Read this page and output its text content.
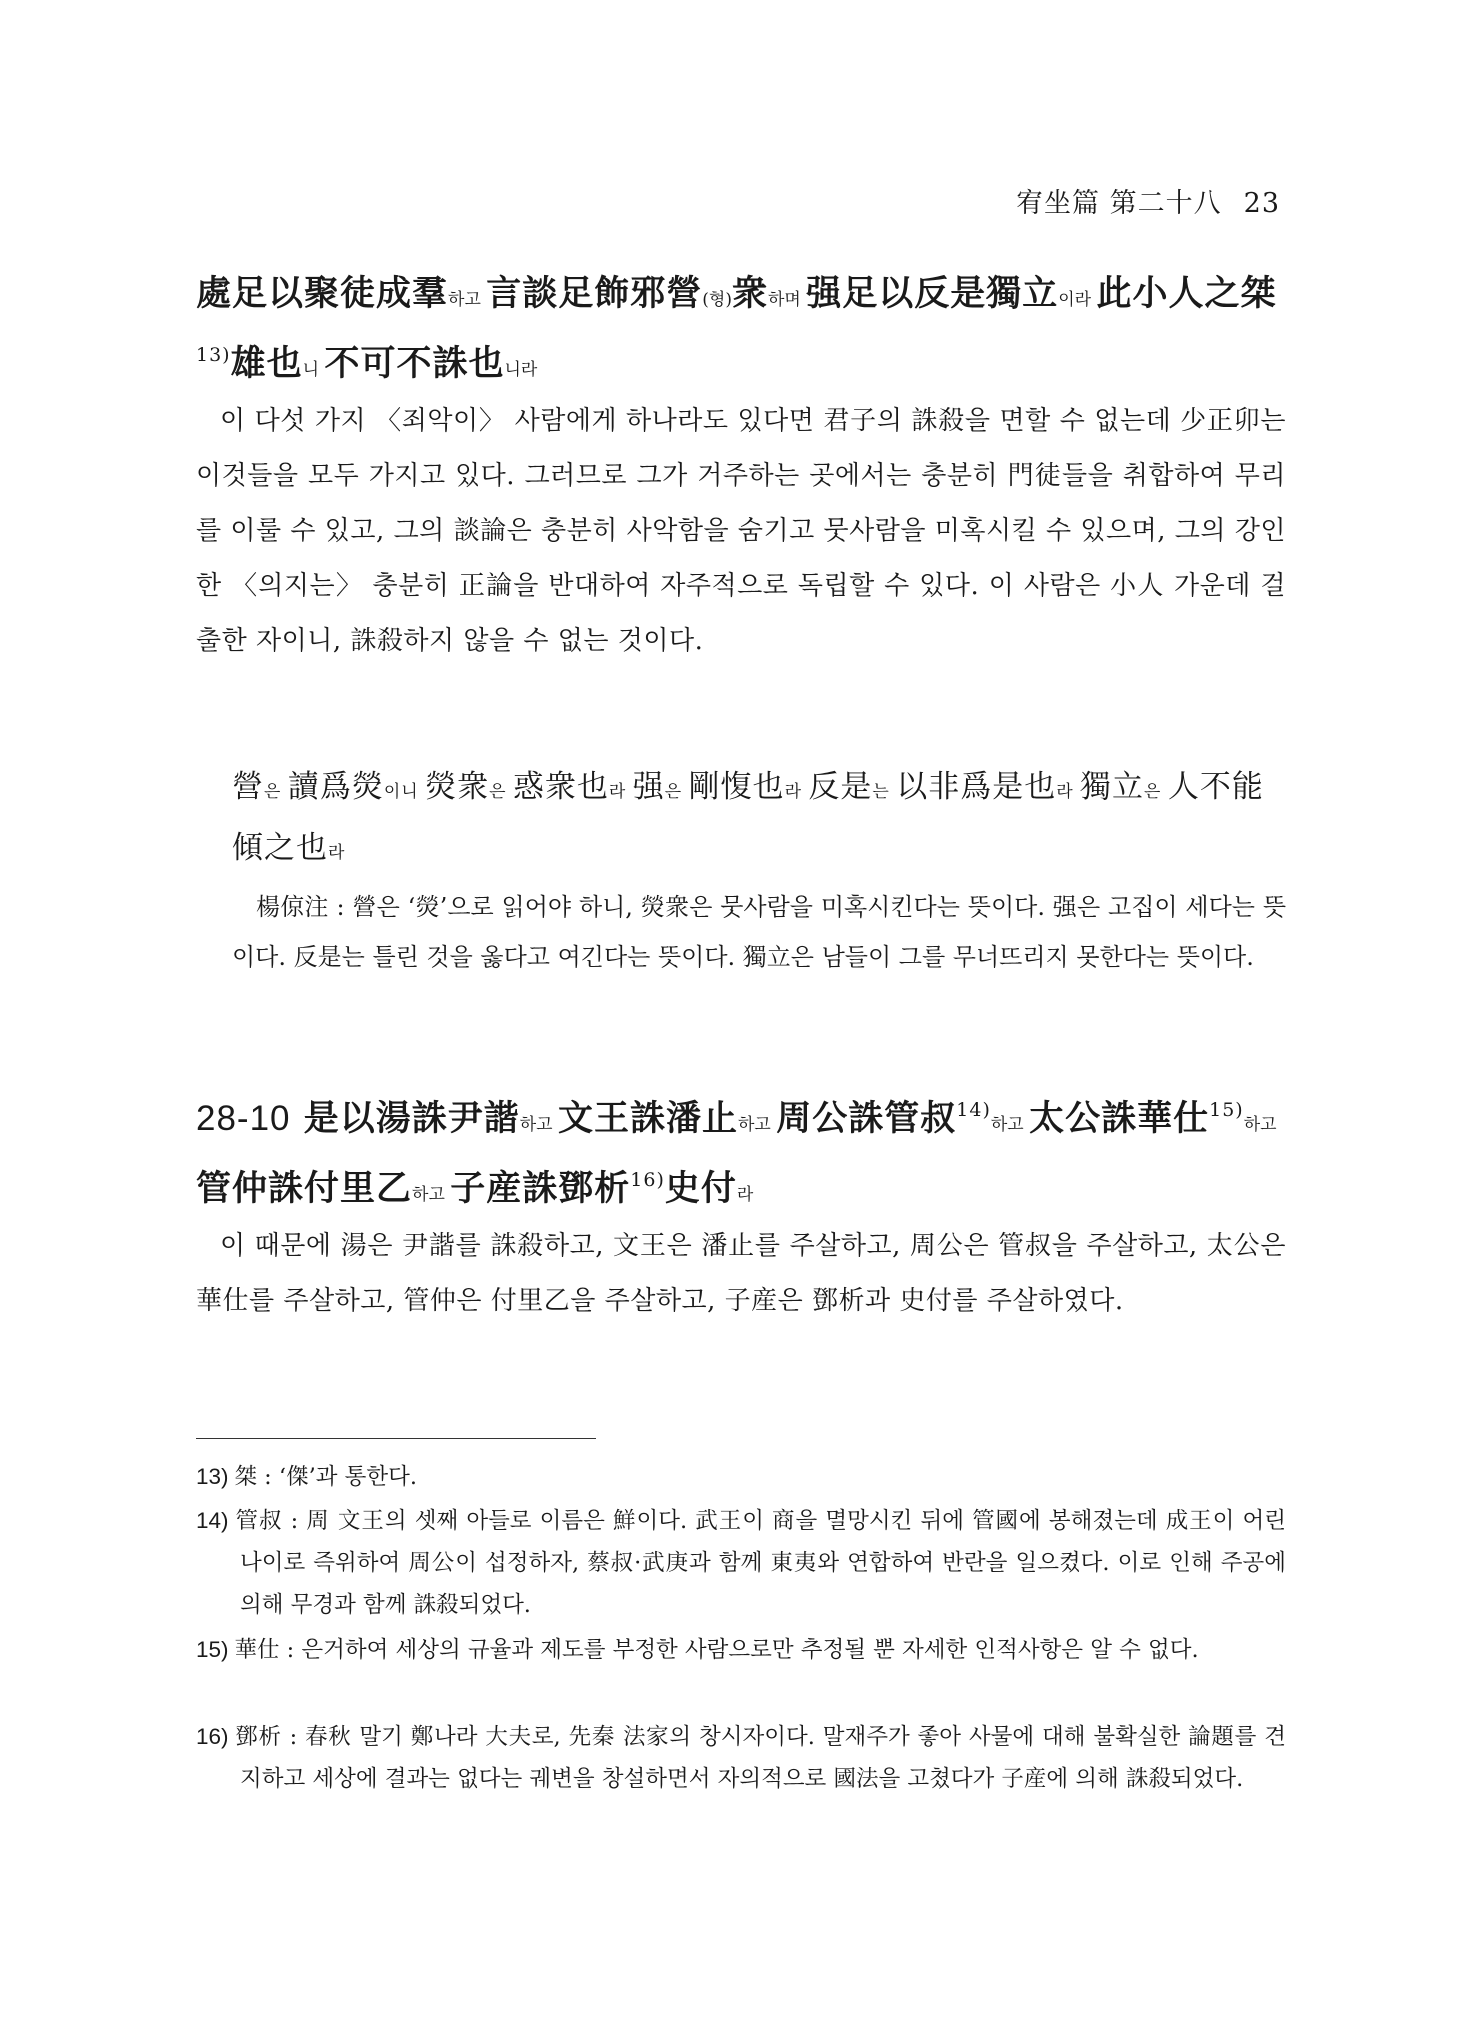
宥坐篇 第二十八 23
處足以聚徒成羣하고 言談足飾邪營(형)衆하며 强足以反是獨立이라 此小人之桀$^{13)}$雄也니 不可不誅也니라
이 다섯 가지 〈죄악이〉 사람에게 하나라도 있다면 君子의 誅殺을 면할 수 없는데 少正卯는 이것들을 모두 가지고 있다. 그러므로 그가 거주하는 곳에서는 충분히 門徒들을 취합하여 무리를 이룰 수 있고, 그의 談論은 충분히 사악함을 숨기고 뭇사람을 미혹시킬 수 있으며, 그의 강인한 〈의지는〉 충분히 正論을 반대하여 자주적으로 독립할 수 있다. 이 사람은 小人 가운데 걸출한 자이니, 誅殺하지 않을 수 없는 것이다.
營은 讀爲熒이니 熒衆은 惑衆也라 强은 剛愎也라 反是는 以非爲是也라 獨立은 人不能傾之也라
楊倞注 : 營은 ‘熒’으로 읽어야 하니, 熒衆은 뭇사람을 미혹시킨다는 뜻이다. 强은 고집이 세다는 뜻이다. 反是는 틀린 것을 옳다고 여긴다는 뜻이다. 獨立은 남들이 그를 무너뜨리지 못한다는 뜻이다.
28-10 是以湯誅尹諧하고 文王誅潘止하고 周公誅管叔$^{14)}$하고 太公誅華仕$^{15)}$하고 管仲誅付里乙하고 子産誅鄧析$^{16)}$史付라
이 때문에 湯은 尹諧를 誅殺하고, 文王은 潘止를 주살하고, 周公은 管叔을 주살하고, 太公은 華仕를 주살하고, 管仲은 付里乙을 주살하고, 子産은 鄧析과 史付를 주살하였다.
13) 桀 : ‘傑’과 통한다.
14) 管叔 : 周 文王의 셋째 아들로 이름은 鮮이다. 武王이 商을 멸망시킨 뒤에 管國에 봉해졌는데 成王이 어린 나이로 즉위하여 周公이 섭정하자, 蔡叔·武庚과 함께 東夷와 연합하여 반란을 일으켰다. 이로 인해 주공에 의해 무경과 함께 誅殺되었다.
15) 華仕 : 은거하여 세상의 규율과 제도를 부정한 사람으로만 추정될 뿐 자세한 인적사항은 알 수 없다.
16) 鄧析 : 春秋 말기 鄭나라 大夫로, 先秦 法家의 창시자이다. 말재주가 좋아 사물에 대해 불확실한 論題를 견지하고 세상에 결과는 없다는 궤변을 창설하면서 자의적으로 國法을 고쳤다가 子産에 의해 誅殺되었다.
